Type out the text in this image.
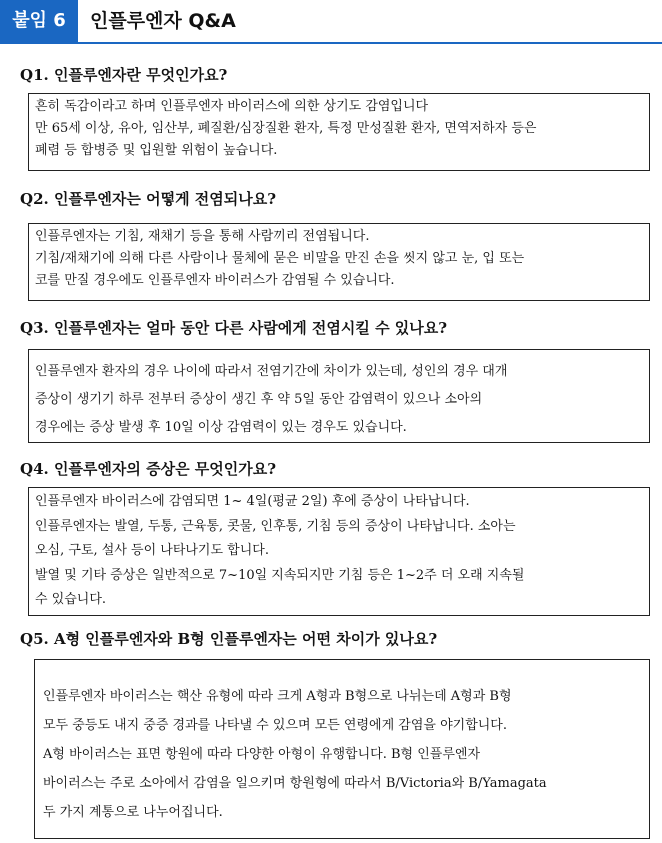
붙임 6	인플루엔자 Q&A
Q1. 인플루엔자란 무엇인가요?

흔히 독감이라고 하며 인플루엔자 바이러스에 의한 상기도 감염입니다

만 65세 이상, 유아, 임산부, 폐질환/심장질환 환자, 특정 만성질환 환자, 면역저하자 등은

폐렴 등 합병증 및 입원할 위험이 높습니다.

Q2. 인플루엔자는 어떻게 전염되나요?

인플루엔자는 기침, 재채기 등을 통해 사람끼리 전염됩니다.

기침/재채기에 의해 다른 사람이나 물체에 묻은 비말을 만진 손을 씻지 않고 눈, 입 또는

코를 만질 경우에도 인플루엔자 바이러스가 감염될 수 있습니다.

Q3. 인플루엔자는 얼마 동안 다른 사람에게 전염시킬 수 있나요?

인플루엔자 환자의 경우 나이에 따라서 전염기간에 차이가 있는데, 성인의 경우 대개

증상이 생기기 하루 전부터 증상이 생긴 후 약 5일 동안 감염력이 있으나 소아의

경우에는 증상 발생 후 10일 이상 감염력이 있는 경우도 있습니다.

Q4. 인플루엔자의 증상은 무엇인가요?

인플루엔자 바이러스에 감염되면 1~ 4일(평균 2일) 후에 증상이 나타납니다.

인플루엔자는 발열, 두통, 근육통, 콧물, 인후통, 기침 등의 증상이 나타납니다. 소아는

오심, 구토, 설사 등이 나타나기도 합니다.

발열 및 기타 증상은 일반적으로 7~10일 지속되지만 기침 등은 1~2주 더 오래 지속될

수 있습니다.

Q5. A형 인플루엔자와 B형 인플루엔자는 어떤 차이가 있나요?

인플루엔자 바이러스는 핵산 유형에 따라 크게 A형과 B형으로 나뉘는데 A형과 B형

모두 중등도 내지 중증 경과를 나타낼 수 있으며 모든 연령에게 감염을 야기합니다.

A형 바이러스는 표면 항원에 따라 다양한 아형이 유행합니다. B형 인플루엔자

바이러스는 주로 소아에서 감염을 일으키며 항원형에 따라서 B/Victoria와 B/Yamagata

두 가지 계통으로 나누어집니다.
